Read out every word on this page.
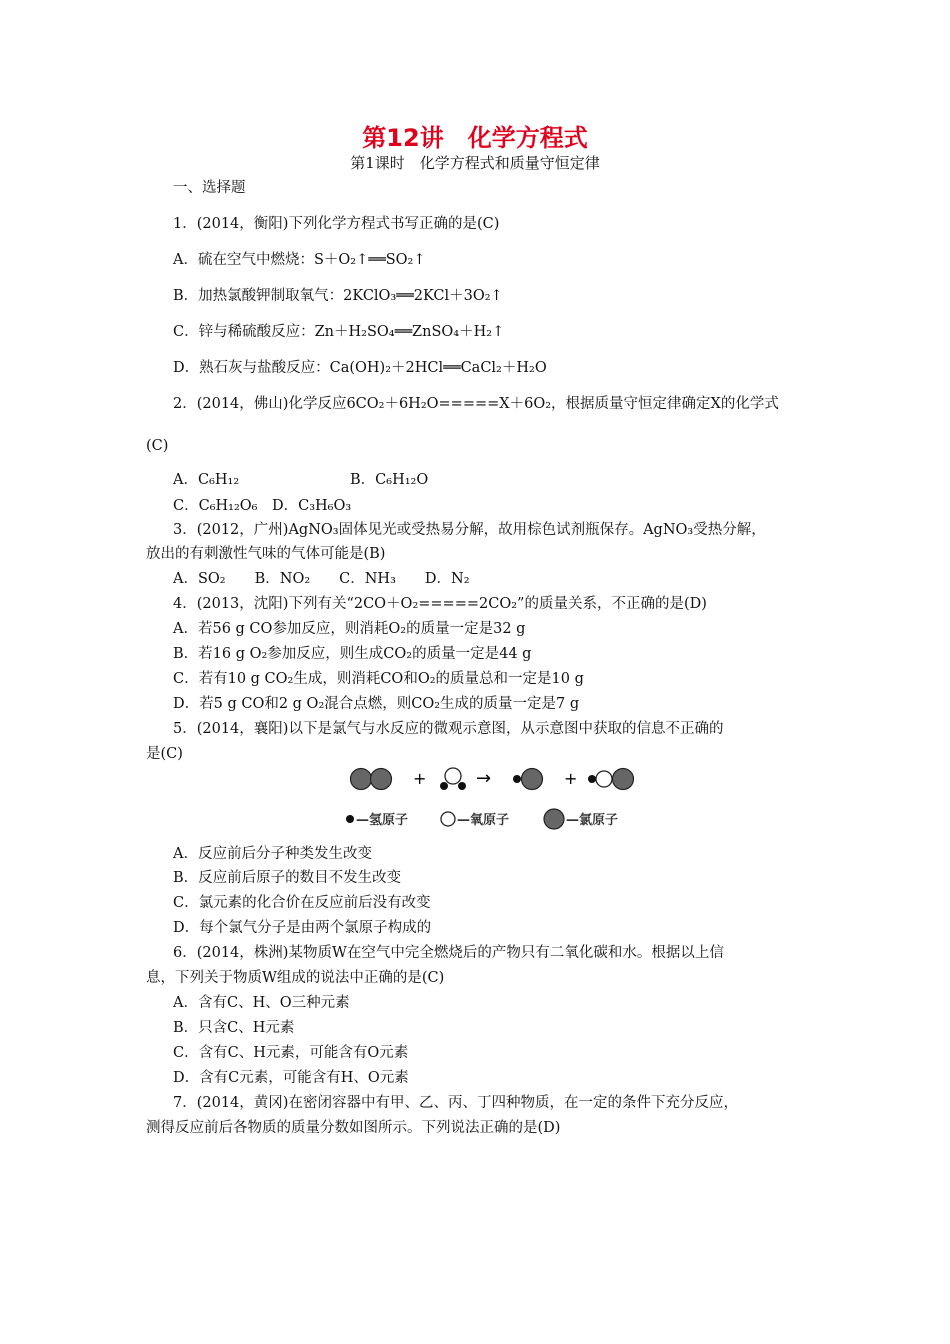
第12讲　化学方程式
第1课时　化学方程式和质量守恒定律
一、选择题
1．(2014，衡阳)下列化学方程式书写正确的是(C)
A．硫在空气中燃烧：S＋O₂↑══SO₂↑
B．加热氯酸钾制取氧气：2KClO₃══2KCl＋3O₂↑
C．锌与稀硫酸反应：Zn＋H₂SO₄══ZnSO₄＋H₂↑
D．熟石灰与盐酸反应：Ca(OH)₂＋2HCl══CaCl₂＋H₂O
2．(2014，佛山)化学反应6CO₂＋6H₂O=====X＋6O₂，根据质量守恒定律确定X的化学式
(C)
A．C₆H₁₂	B．C₆H₁₂O
C．C₆H₁₂O₆　D．C₃H₆O₃
3．(2012，广州)AgNO₃固体见光或受热易分解，故用棕色试剂瓶保存。AgNO₃受热分解，
放出的有刺激性气味的气体可能是(B)
A．SO₂　　B．NO₂　　C．NH₃　　D．N₂
4．(2013，沈阳)下列有关“2CO＋O₂=====2CO₂”的质量关系，不正确的是(D)
A．若56 g CO参加反应，则消耗O₂的质量一定是32 g
B．若16 g O₂参加反应，则生成CO₂的质量一定是44 g
C．若有10 g CO₂生成，则消耗CO和O₂的质量总和一定是10 g
D．若5 g CO和2 g O₂混合点燃，则CO₂生成的质量一定是7 g
5．(2014，襄阳)以下是氯气与水反应的微观示意图，从示意图中获取的信息不正确的
是(C)
+	→	+
—氢原子	—氧原子	—氯原子
A．反应前后分子种类发生改变
B．反应前后原子的数目不发生改变
C．氯元素的化合价在反应前后没有改变
D．每个氯气分子是由两个氯原子构成的
6．(2014，株洲)某物质W在空气中完全燃烧后的产物只有二氧化碳和水。根据以上信
息，下列关于物质W组成的说法中正确的是(C)
A．含有C、H、O三种元素
B．只含C、H元素
C．含有C、H元素，可能含有O元素
D．含有C元素，可能含有H、O元素
7．(2014，黄冈)在密闭容器中有甲、乙、丙、丁四种物质，在一定的条件下充分反应，
测得反应前后各物质的质量分数如图所示。下列说法正确的是(D)
